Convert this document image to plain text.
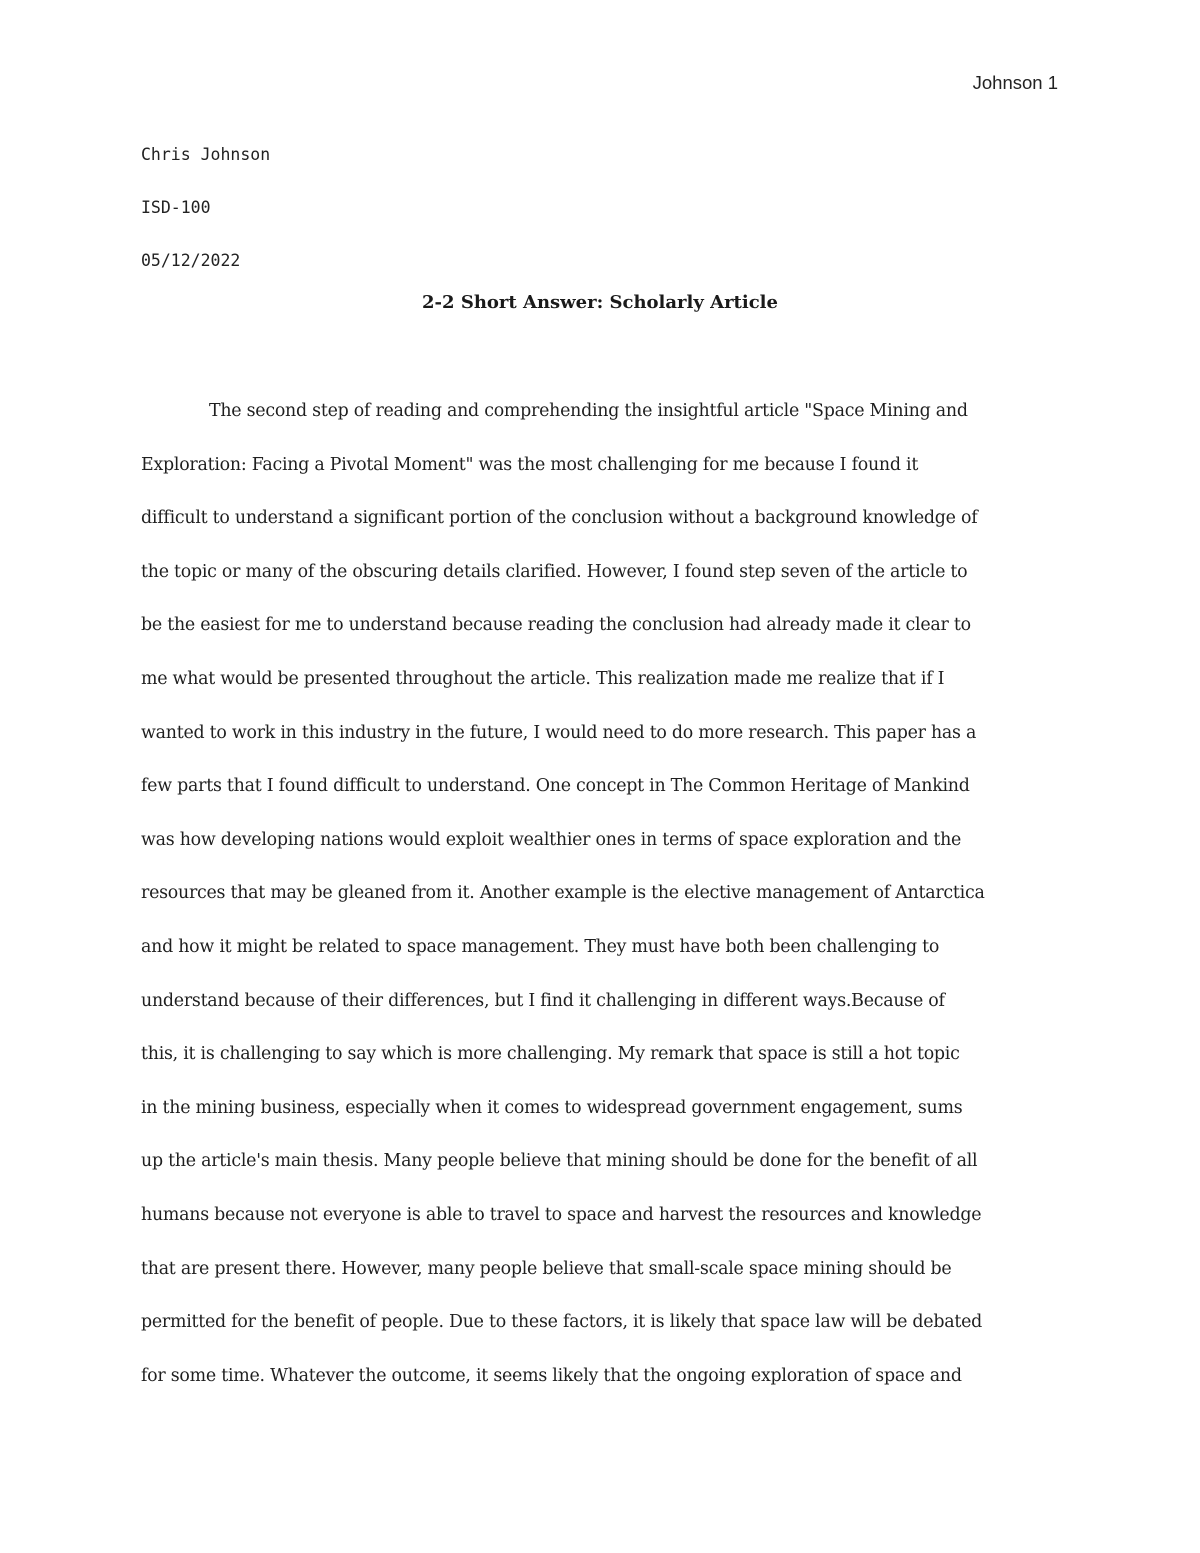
Johnson 1
Chris Johnson
ISD-100
05/12/2022
2-2 Short Answer: Scholarly Article
The second step of reading and comprehending the insightful article "Space Mining and
Exploration: Facing a Pivotal Moment" was the most challenging for me because I found it
difficult to understand a significant portion of the conclusion without a background knowledge of
the topic or many of the obscuring details clarified. However, I found step seven of the article to
be the easiest for me to understand because reading the conclusion had already made it clear to
me what would be presented throughout the article. This realization made me realize that if I
wanted to work in this industry in the future, I would need to do more research. This paper has a
few parts that I found difficult to understand. One concept in The Common Heritage of Mankind
was how developing nations would exploit wealthier ones in terms of space exploration and the
resources that may be gleaned from it. Another example is the elective management of Antarctica
and how it might be related to space management. They must have both been challenging to
understand because of their differences, but I find it challenging in different ways.Because of
this, it is challenging to say which is more challenging. My remark that space is still a hot topic
in the mining business, especially when it comes to widespread government engagement, sums
up the article's main thesis. Many people believe that mining should be done for the benefit of all
humans because not everyone is able to travel to space and harvest the resources and knowledge
that are present there. However, many people believe that small-scale space mining should be
permitted for the benefit of people. Due to these factors, it is likely that space law will be debated
for some time. Whatever the outcome, it seems likely that the ongoing exploration of space and
